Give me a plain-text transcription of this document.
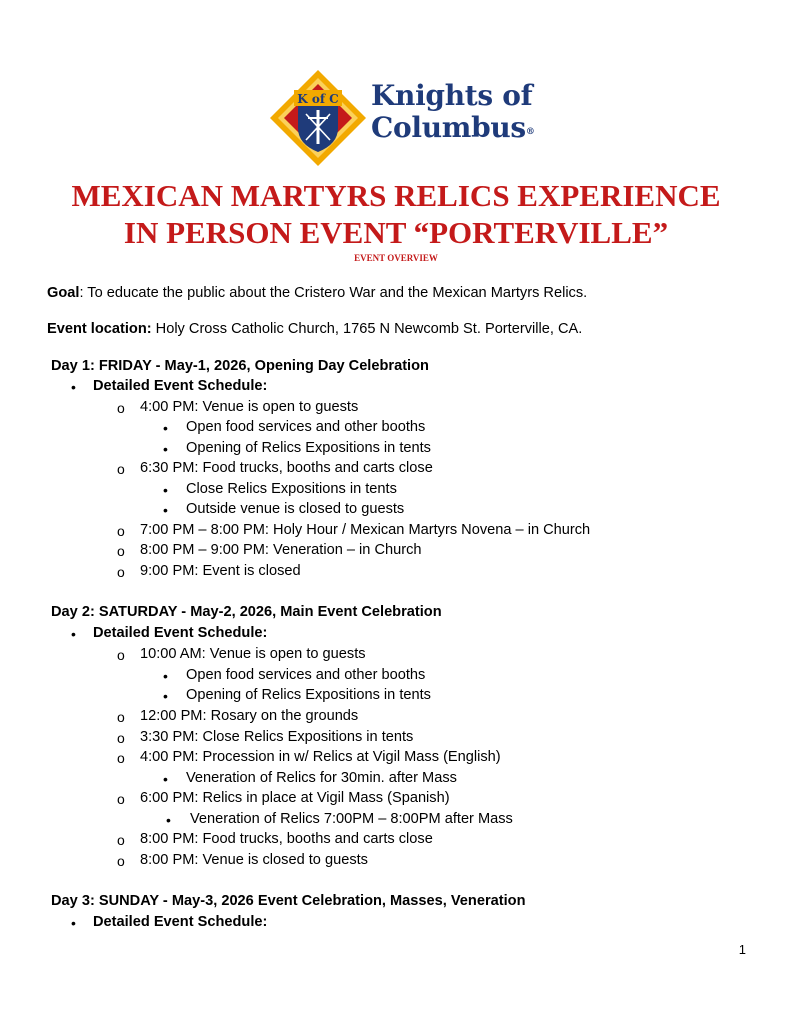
K of C Knights of
Columbus®
MEXICAN MARTYRS RELICS EXPERIENCE
IN PERSON EVENT “PORTERVILLE”
EVENT OVERVIEW
Goal: To educate the public about the Cristero War and the Mexican Martyrs Relics.
Event location: Holy Cross Catholic Church, 1765 N Newcomb St. Porterville, CA.
Day 1: FRIDAY - May-1, 2026, Opening Day Celebration
• Detailed Event Schedule:
o 4:00 PM: Venue is open to guests
• Open food services and other booths
• Opening of Relics Expositions in tents
o 6:30 PM: Food trucks, booths and carts close
• Close Relics Expositions in tents
• Outside venue is closed to guests
o 7:00 PM – 8:00 PM: Holy Hour / Mexican Martyrs Novena – in Church
o 8:00 PM – 9:00 PM: Veneration – in Church
o 9:00 PM: Event is closed
Day 2: SATURDAY - May-2, 2026, Main Event Celebration
• Detailed Event Schedule:
o 10:00 AM: Venue is open to guests
• Open food services and other booths
• Opening of Relics Expositions in tents
o 12:00 PM: Rosary on the grounds
o 3:30 PM: Close Relics Expositions in tents
o 4:00 PM: Procession in w/ Relics at Vigil Mass (English)
• Veneration of Relics for 30min. after Mass
o 6:00 PM: Relics in place at Vigil Mass (Spanish)
• Veneration of Relics 7:00PM – 8:00PM after Mass
o 8:00 PM: Food trucks, booths and carts close
o 8:00 PM: Venue is closed to guests
Day 3: SUNDAY - May-3, 2026 Event Celebration, Masses, Veneration
• Detailed Event Schedule:
1
